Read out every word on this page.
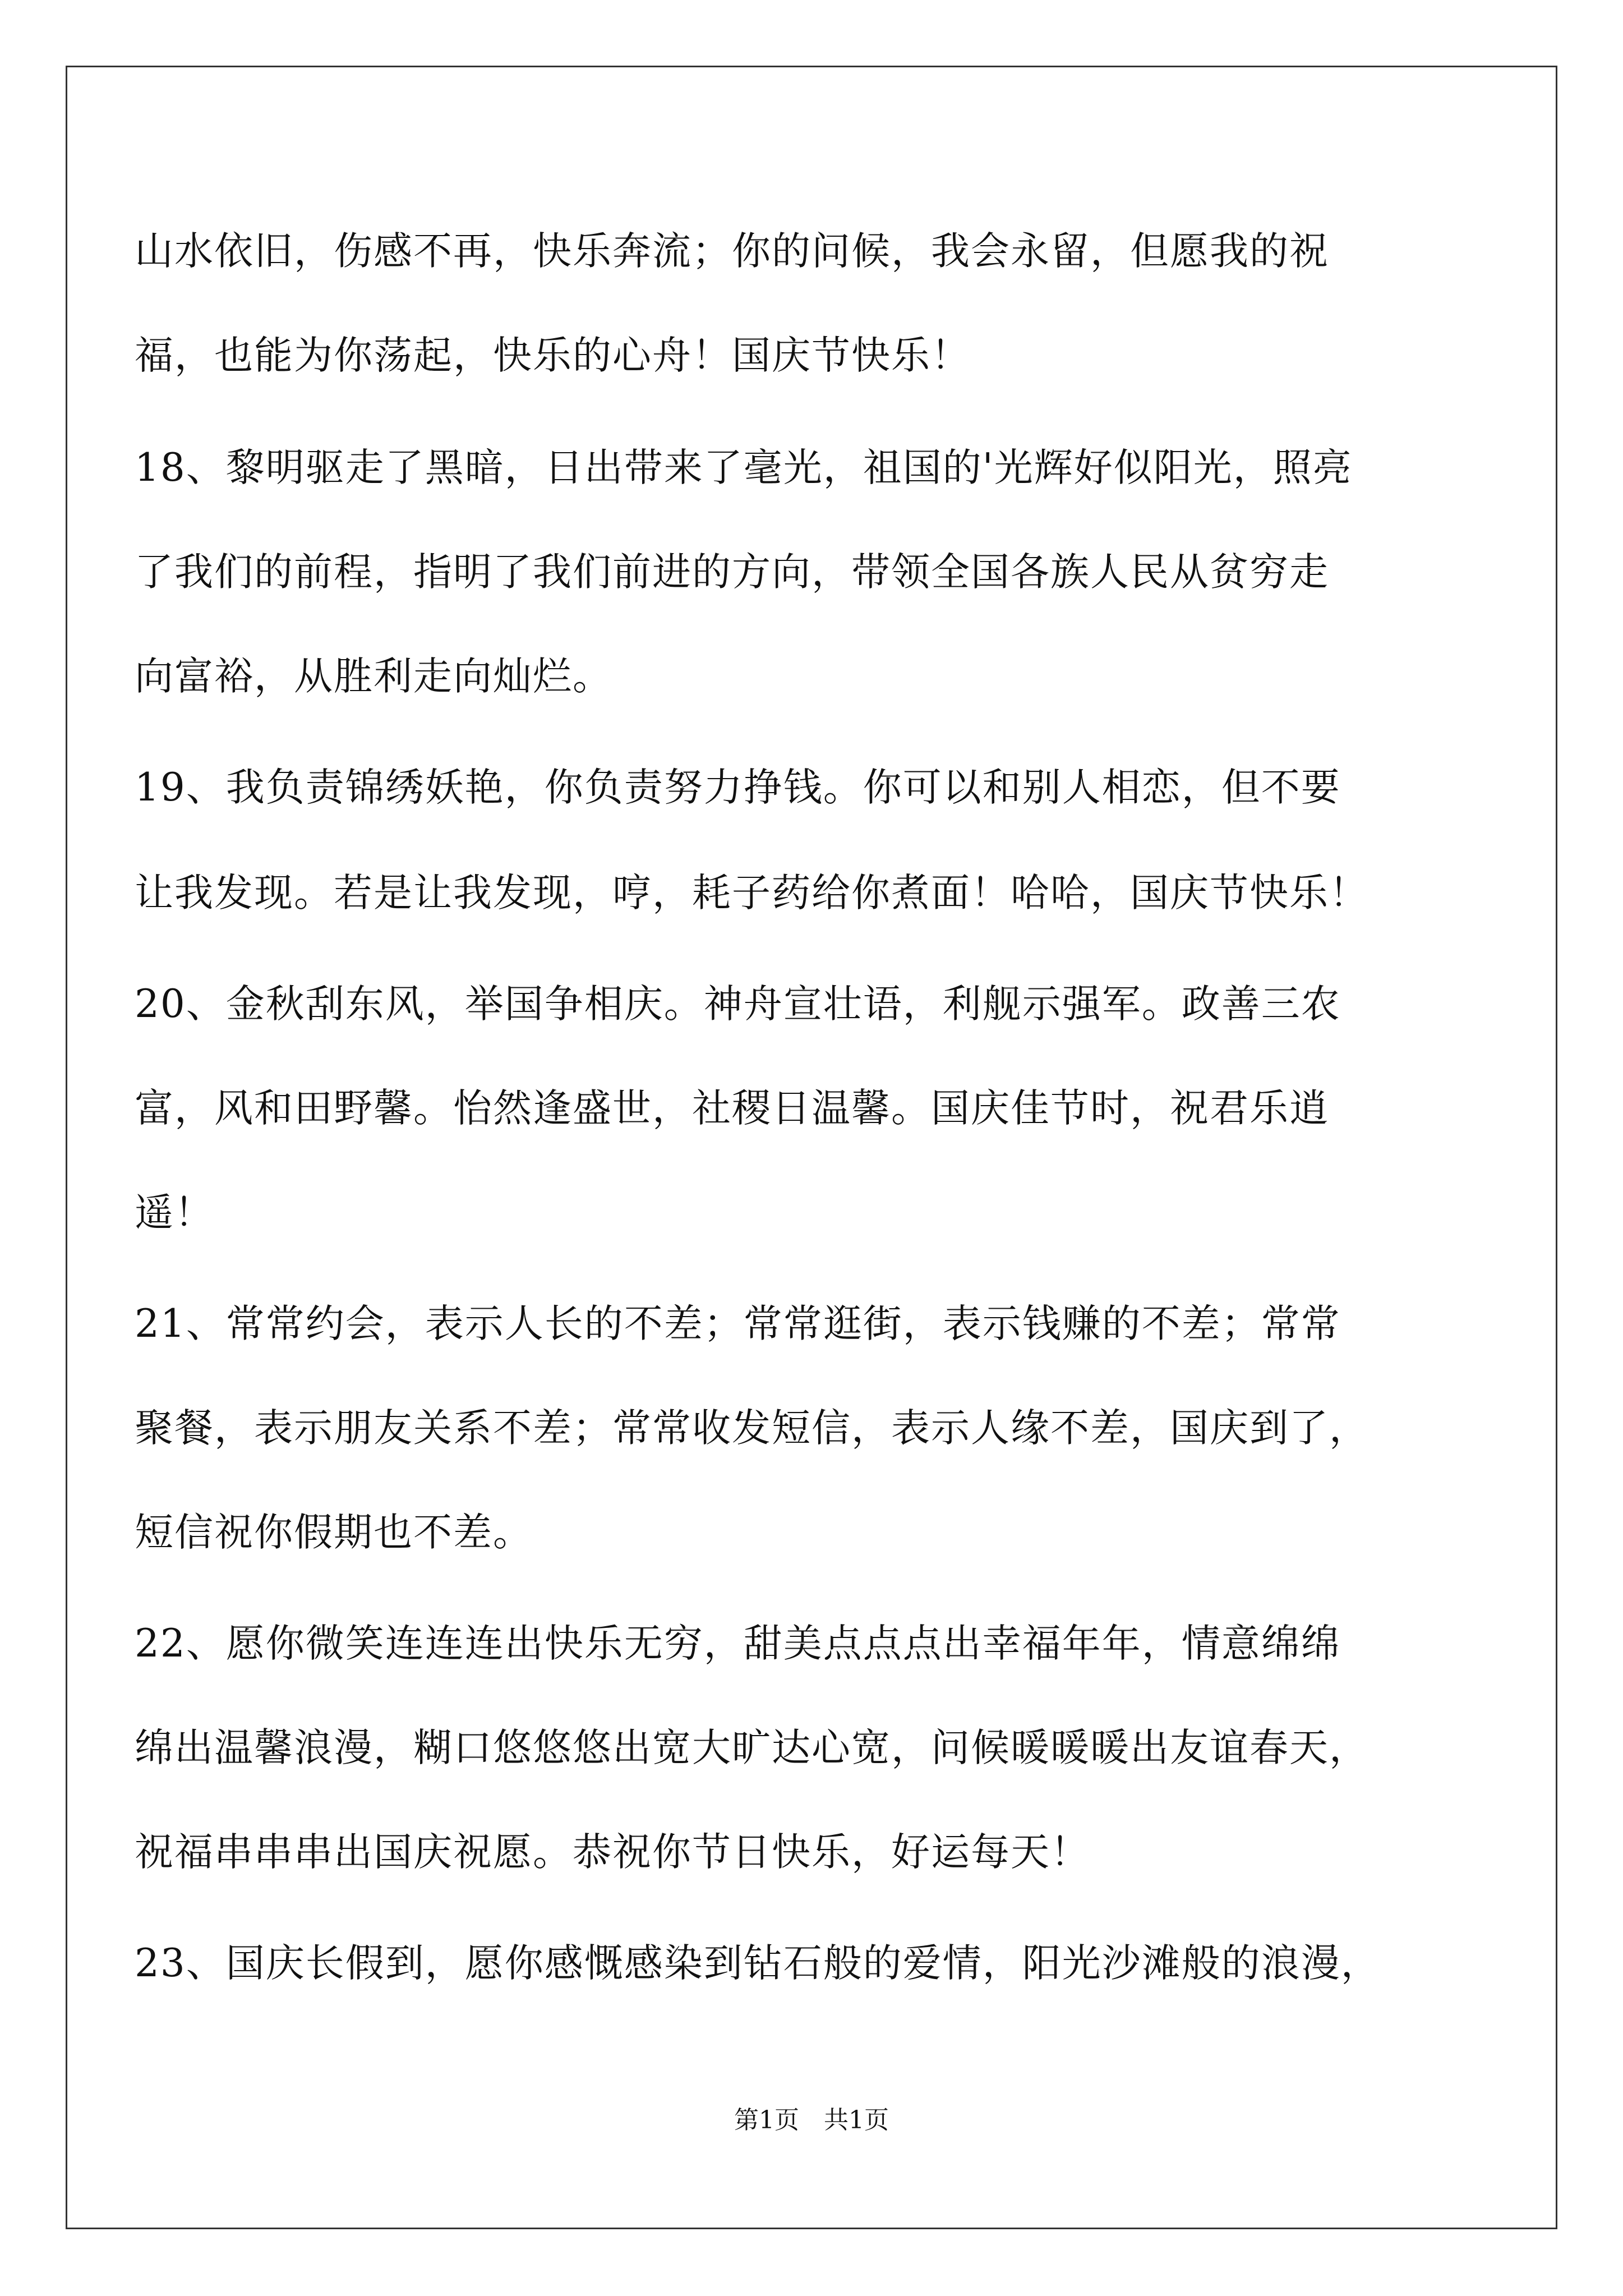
山水依旧，伤感不再，快乐奔流；你的问候，我会永留，但愿我的祝
福，也能为你荡起，快乐的心舟！国庆节快乐！
18、黎明驱走了黑暗，日出带来了毫光，祖国的'光辉好似阳光，照亮
了我们的前程，指明了我们前进的方向，带领全国各族人民从贫穷走
向富裕，从胜利走向灿烂。
19、我负责锦绣妖艳，你负责努力挣钱。你可以和别人相恋，但不要
让我发现。若是让我发现，哼，耗子药给你煮面！哈哈，国庆节快乐！
20、金秋刮东风，举国争相庆。神舟宣壮语，利舰示强军。政善三农
富，风和田野馨。怡然逢盛世，社稷日温馨。国庆佳节时，祝君乐逍
遥！
21、常常约会，表示人长的不差；常常逛街，表示钱赚的不差；常常
聚餐，表示朋友关系不差；常常收发短信，表示人缘不差，国庆到了，
短信祝你假期也不差。
22、愿你微笑连连连出快乐无穷，甜美点点点出幸福年年，情意绵绵
绵出温馨浪漫，糊口悠悠悠出宽大旷达心宽，问候暖暖暖出友谊春天，
祝福串串串出国庆祝愿。恭祝你节日快乐，好运每天！
23、国庆长假到，愿你感慨感染到钻石般的爱情，阳光沙滩般的浪漫，
第1页　共1页
